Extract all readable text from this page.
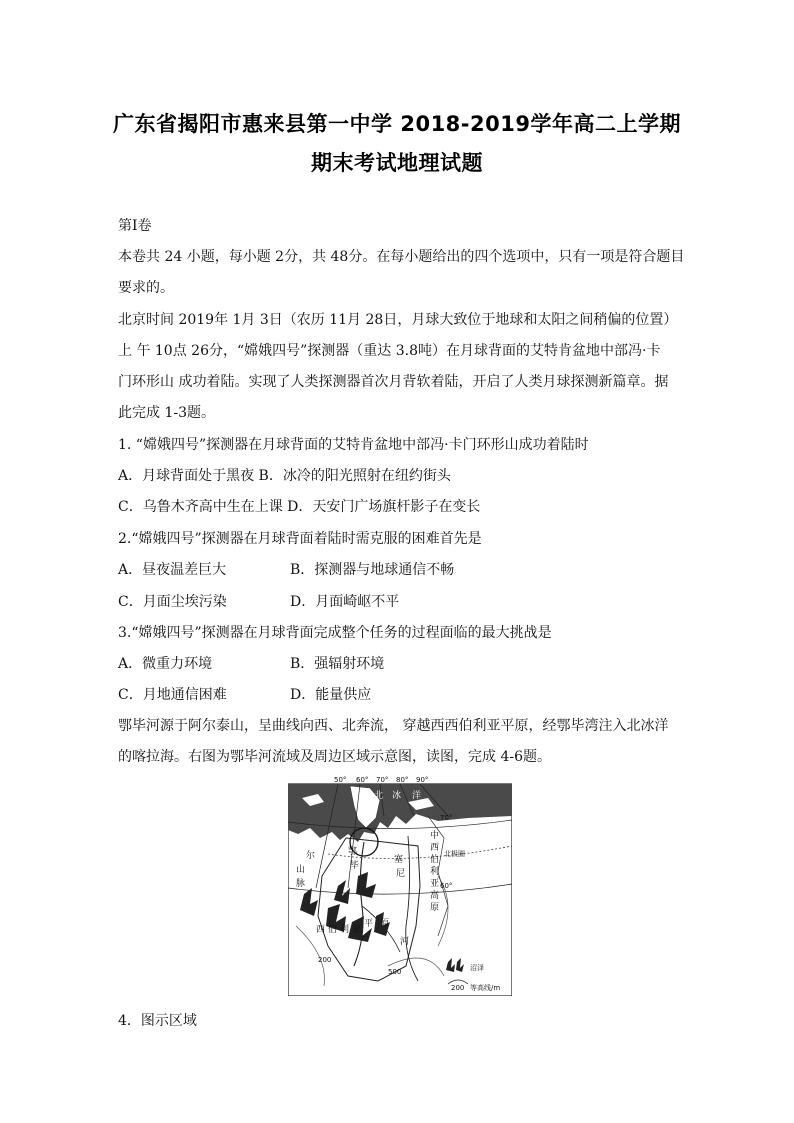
广东省揭阳市惠来县第一中学 2018-2019学年高二上学期
期末考试地理试题
第Ⅰ卷
本卷共 24 小题，每小题 2分，共 48分。在每小题给出的四个选项中，只有一项是符合题目
要求的。
北京时间 2019年 1月 3日（农历 11月 28日，月球大致位于地球和太阳之间稍偏的位置）
上 午 10点 26分，“嫦娥四号”探测器（重达 3.8吨）在月球背面的艾特肯盆地中部冯·卡
门环形山 成功着陆。实现了人类探测器首次月背软着陆，开启了人类月球探测新篇章。据
此完成 1-3题。
1. “嫦娥四号”探测器在月球背面的艾特肯盆地中部冯·卡门环形山成功着陆时
A．月球背面处于黑夜 B．冰冷的阳光照射在纽约街头
C．乌鲁木齐高中生在上课 D．天安门广场旗杆影子在变长
2.“嫦娥四号”探测器在月球背面着陆时需克服的困难首先是
A．昼夜温差巨大	B．探测器与地球通信不畅
C．月面尘埃污染	D．月面崎岖不平
3.“嫦娥四号”探测器在月球背面完成整个任务的过程面临的最大挑战是
A．微重力环境	B．强辐射环境
C．月地通信困难	D．能量供应
鄂毕河源于阿尔泰山，呈曲线向西、北奔流， 穿越西西伯利亚平原，经鄂毕湾注入北冰洋
的喀拉海。右图为鄂毕河流域及周边区域示意图，读图，完成 4-6题。
50° 60° 70° 80° 90°
70°
60°
北 冰 洋
中
西
伯
利
亚
高
原
北极圈
尔
山
脉
鄂
毕
塞
尼
河
西 伯 利 亚
平 原
200
500	沼泽
200 等高线/m
4．图示区域
